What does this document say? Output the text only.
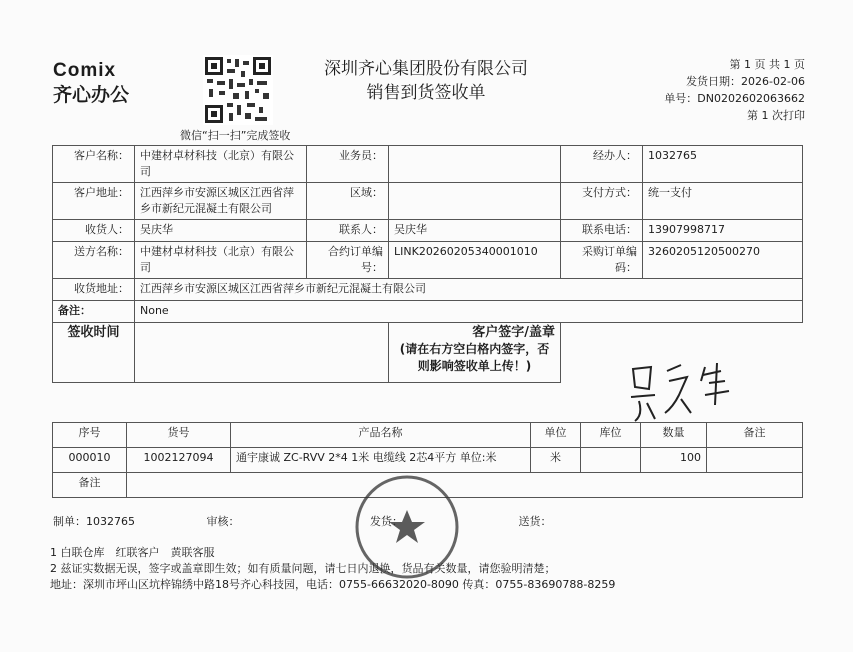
Comix
齐心办公
微信“扫一扫”完成签收
深圳齐心集团股份有限公司
销售到货签收单
第 1 页 共 1 页
发货日期：2026-02-06
单号：DN0202602063662
第 1 次打印
客户名称：	中建材卓材科技（北京）有限公司	业务员：		经办人：	1032765
客户地址：	江西萍乡市安源区城区江西省萍乡市新纪元混凝土有限公司	区域：		支付方式：	统一支付
收货人：	吴庆华	联系人：	吴庆华	联系电话：	13907998717
送方名称：	中建材卓材科技（北京）有限公司	合约订单编号：	LINK20260205340001010	采购订单编码：	3260205120500270
收货地址：	江西萍乡市安源区城区江西省萍乡市新纪元混凝土有限公司				
备注：	None				
签收时间			客户签字/盖章
(请在右方空白格内签字，否则影响签收单上传！)		

序号	货号	产品名称	单位	库位	数量	备注
000010	1002127094	通宇康诚 ZC-RVV 2*4 1米 电缆线 2芯4平方 单位:米	米		100	
备注						
制单：1032765	审核：	发货：	送货：
1 白联仓库　红联客户　黄联客服
2 兹证实数据无误，签字或盖章即生效；如有质量问题，请七日内退换，货品有关数量，请您验明清楚；
地址：深圳市坪山区坑梓锦绣中路18号齐心科技园，电话：0755-66632020-8090 传真：0755-83690788-8259
